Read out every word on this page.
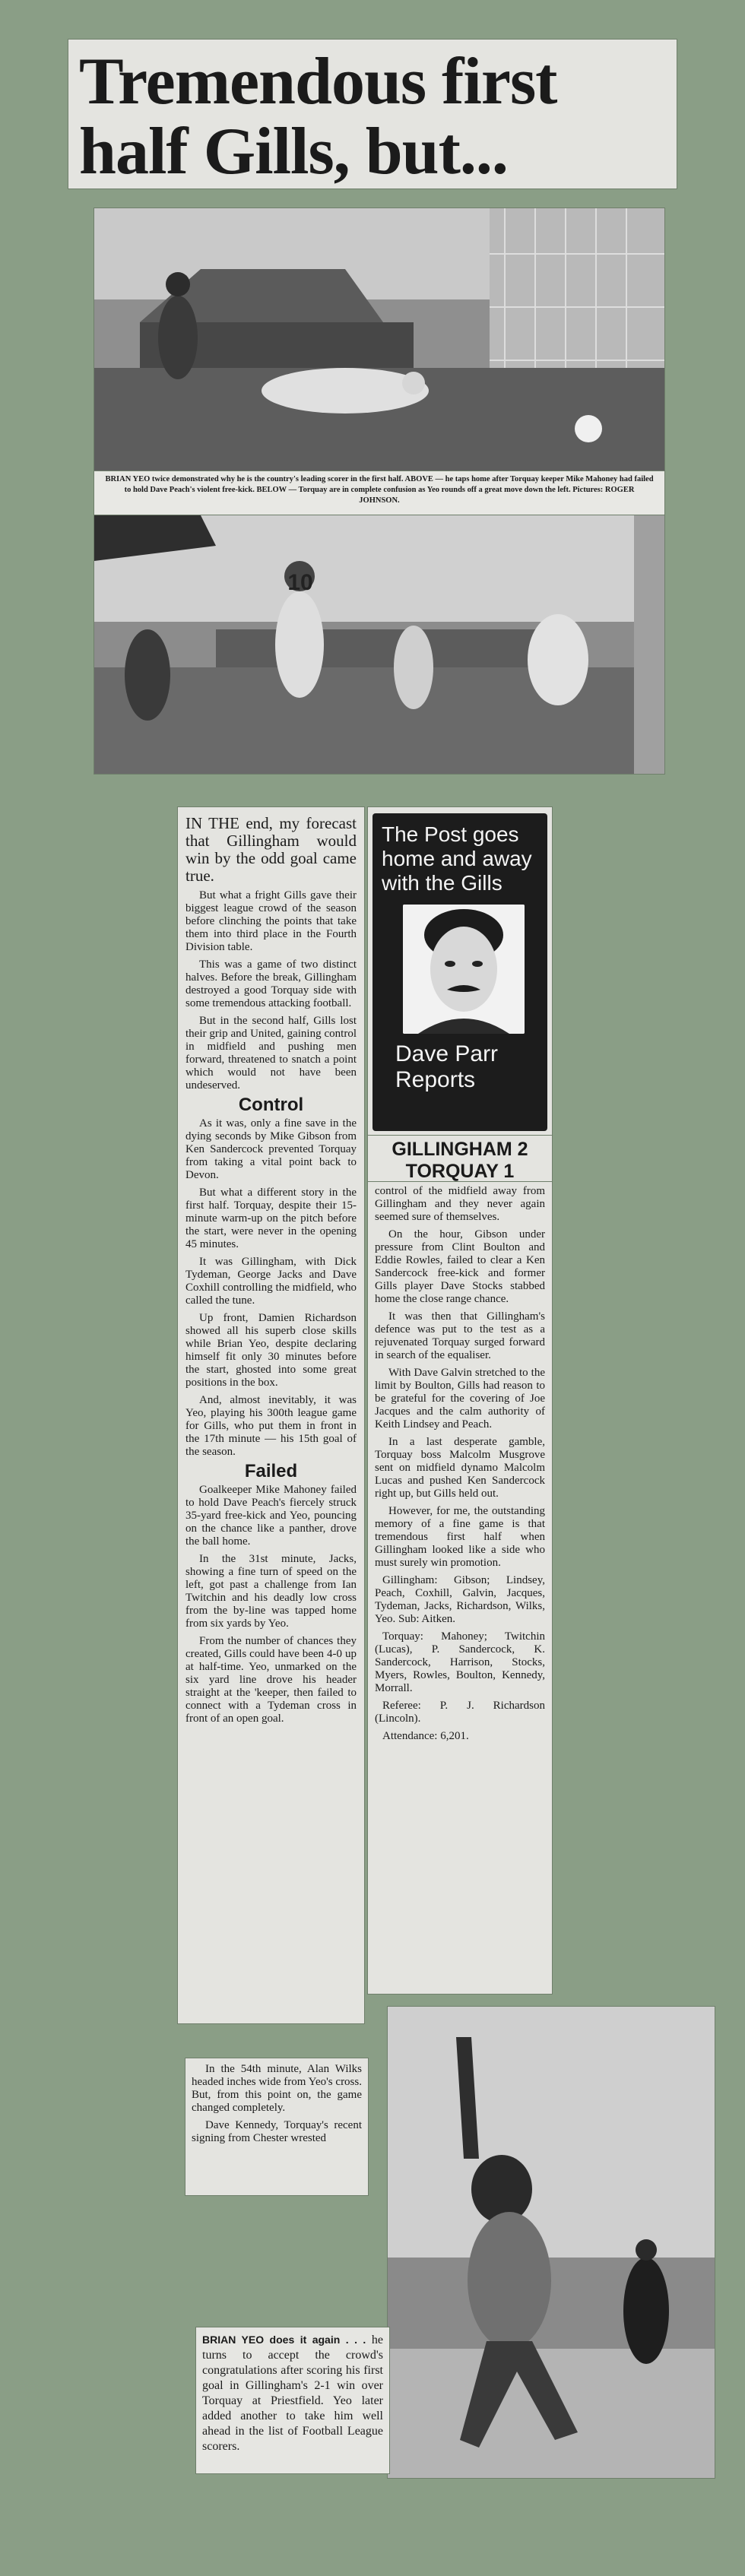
Tremendous first
half Gills, but...
BRIAN YEO twice demonstrated why he is the country's leading scorer in the first half. ABOVE — he taps home after Torquay keeper Mike Mahoney had failed to hold Dave Peach's violent free-kick. BELOW — Torquay are in complete confusion as Yeo rounds off a great move down the left. Pictures: ROGER JOHNSON.
10

IN THE end, my forecast that Gillingham would win by the odd goal came true.

But what a fright Gills gave their biggest league crowd of the season before clinching the points that take them into third place in the Fourth Division table.

This was a game of two distinct halves. Before the break, Gillingham destroyed a good Torquay side with some tremendous attacking football.

But in the second half, Gills lost their grip and United, gaining control in midfield and pushing men forward, threatened to snatch a point which would not have been undeserved.

Control

As it was, only a fine save in the dying seconds by Mike Gibson from Ken Sandercock prevented Torquay from taking a vital point back to Devon.

But what a different story in the first half. Torquay, despite their 15-minute warm-up on the pitch before the start, were never in the opening 45 minutes.

It was Gillingham, with Dick Tydeman, George Jacks and Dave Coxhill controlling the midfield, who called the tune.

Up front, Damien Richardson showed all his superb close skills while Brian Yeo, despite declaring himself fit only 30 minutes before the start, ghosted into some great positions in the box.

And, almost inevitably, it was Yeo, playing his 300th league game for Gills, who put them in front in the 17th minute — his 15th goal of the season.

Failed

Goalkeeper Mike Mahoney failed to hold Dave Peach's fiercely struck 35-yard free-kick and Yeo, pouncing on the chance like a panther, drove the ball home.

In the 31st minute, Jacks, showing a fine turn of speed on the left, got past a challenge from Ian Twitchin and his deadly low cross from the by-line was tapped home from six yards by Yeo.

From the number of chances they created, Gills could have been 4-0 up at half-time. Yeo, unmarked on the six yard line drove his header straight at the 'keeper, then failed to connect with a Tydeman cross in front of an open goal.

In the 54th minute, Alan Wilks headed inches wide from Yeo's cross. But, from this point on, the game changed completely.

Dave Kennedy, Torquay's recent signing from Chester wrested

The Post goes home and away with the Gills
Dave Parr Reports
GILLINGHAM 2
TORQUAY 1

control of the midfield away from Gillingham and they never again seemed sure of themselves.

On the hour, Gibson under pressure from Clint Boulton and Eddie Rowles, failed to clear a Ken Sandercock free-kick and former Gills player Dave Stocks stabbed home the close range chance.

It was then that Gillingham's defence was put to the test as a rejuvenated Torquay surged forward in search of the equaliser.

With Dave Galvin stretched to the limit by Boulton, Gills had reason to be grateful for the covering of Joe Jacques and the calm authority of Keith Lindsey and Peach.

In a last desperate gamble, Torquay boss Malcolm Musgrove sent on midfield dynamo Malcolm Lucas and pushed Ken Sandercock right up, but Gills held out.

However, for me, the outstanding memory of a fine game is that tremendous first half when Gillingham looked like a side who must surely win promotion.

Gillingham: Gibson; Lindsey, Peach, Coxhill, Galvin, Jacques, Tydeman, Jacks, Richardson, Wilks, Yeo. Sub: Aitken.

Torquay: Mahoney; Twitchin (Lucas), P. Sandercock, K. Sandercock, Harrison, Stocks, Myers, Rowles, Boulton, Kennedy, Morrall.

Referee: P. J. Richardson (Lincoln).

Attendance: 6,201.

BRIAN YEO does it again . . . he turns to accept the crowd's congratulations after scoring his first goal in Gillingham's 2-1 win over Torquay at Priestfield. Yeo later added another to take him well ahead in the list of Football League scorers.
